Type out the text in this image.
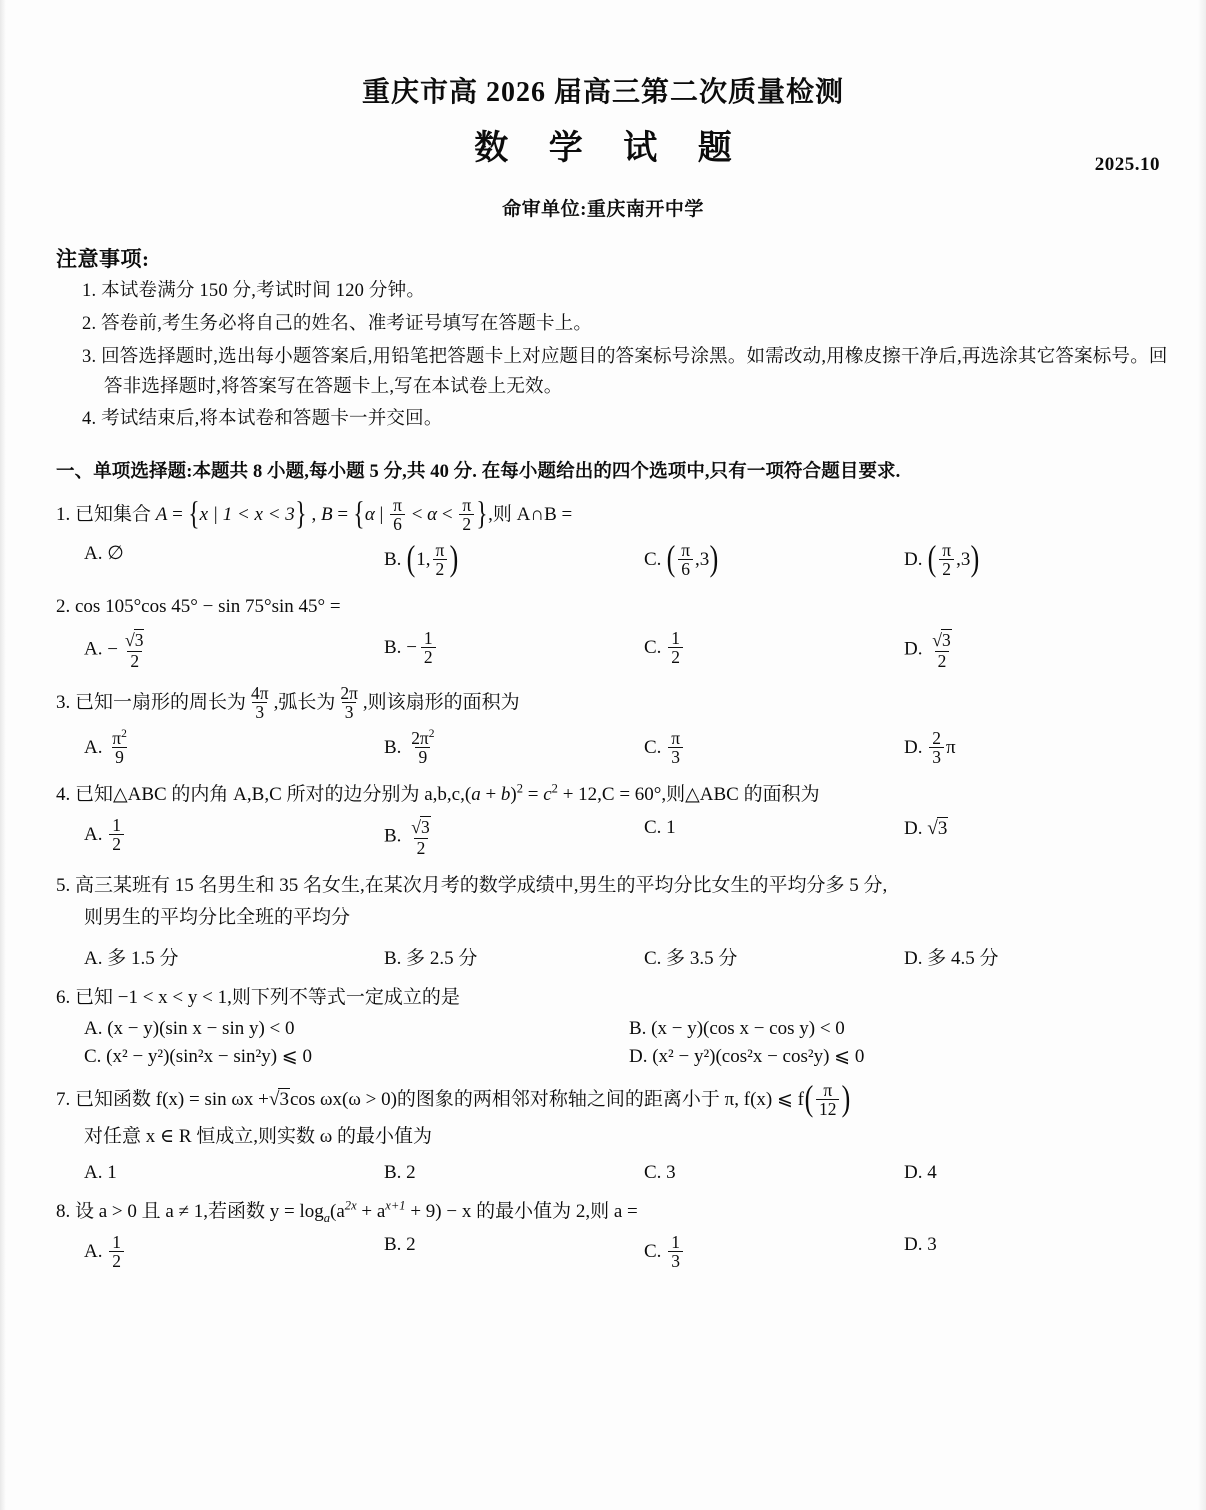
重庆市高 2026 届高三第二次质量检测
数 学 试 题	2025.10
命审单位:重庆南开中学
注意事项:
1. 本试卷满分 150 分,考试时间 120 分钟。
2. 答卷前,考生务必将自己的姓名、准考证号填写在答题卡上。
3. 回答选择题时,选出每小题答案后,用铅笔把答题卡上对应题目的答案标号涂黑。如需改动,用橡皮擦干净后,再选涂其它答案标号。回答非选择题时,将答案写在答题卡上,写在本试卷上无效。
4. 考试结束后,将本试卷和答题卡一并交回。
一、单项选择题:本题共 8 小题,每小题 5 分,共 40 分. 在每小题给出的四个选项中,只有一项符合题目要求.
1. 已知集合 A = {x | 1 < x < 3} , B = {α | $\frac{\pi}{6} < \alpha < \frac{\pi}{2}$ },则 A∩B =
A. ∅	B. (1, $\frac{\pi}{2}$ )	C. ( $\frac{\pi}{6} ,3$)	D. ( $\frac{\pi}{2} ,3$)
2. cos 105°cos 45° − sin 75°sin 45° =
A. − $\frac{√3}{2}$	B. − $\frac{1}{2}$	C. $\frac{1}{2}$	D. $\frac{√3}{2}$
3. 已知一扇形的周长为 $\frac{4\pi}{3}$ ,弧长为 $\frac{2\pi}{3}$ ,则该扇形的面积为
A. $\frac{\pi^2}{9}$	B. $\frac{2\pi^2}{9}$	C. $\frac{\pi}{3}$	D. $\frac{2}{3}$ π
4. 已知△ABC 的内角 A,B,C 所对的边分别为 $a,b,c,(a + b)^2 = c^2 + 12,C = 60^\circ$,则△ABC 的面积为
A. $\frac{1}{2}$	B. $\frac{√3}{2}$	C. 1	D. √3
5. 高三某班有 15 名男生和 35 名女生,在某次月考的数学成绩中,男生的平均分比女生的平均分多 5 分,
则男生的平均分比全班的平均分
A. 多 1.5 分	B. 多 2.5 分	C. 多 3.5 分	D. 多 4.5 分
6. 已知 −1 < x < y < 1,则下列不等式一定成立的是
A. (x − y)(sin x − sin y) < 0	B. (x − y)(cos x − cos y) < 0
C. (x² − y²)(sin²x − sin²y) ⩽ 0	D. (x² − y²)(cos²x − cos²y) ⩽ 0
7. 已知函数 f(x) = sin ωx +√3cos ωx(ω > 0)的图象的两相邻对称轴之间的距离小于 π, f(x) ⩽ $f( \frac{\pi}{12}$ )
对任意 x ∈ R 恒成立,则实数 ω 的最小值为
A. 1	B. 2	C. 3	D. 4
8. 设 a > 0 且 a ≠ 1,若函数 $y = \log_a(a^{2x} + a^{x+1} + 9) - x$ 的最小值为 2,则 a =
A. $\frac{1}{2}$	B. 2	C. $\frac{1}{3}$	D. 3
